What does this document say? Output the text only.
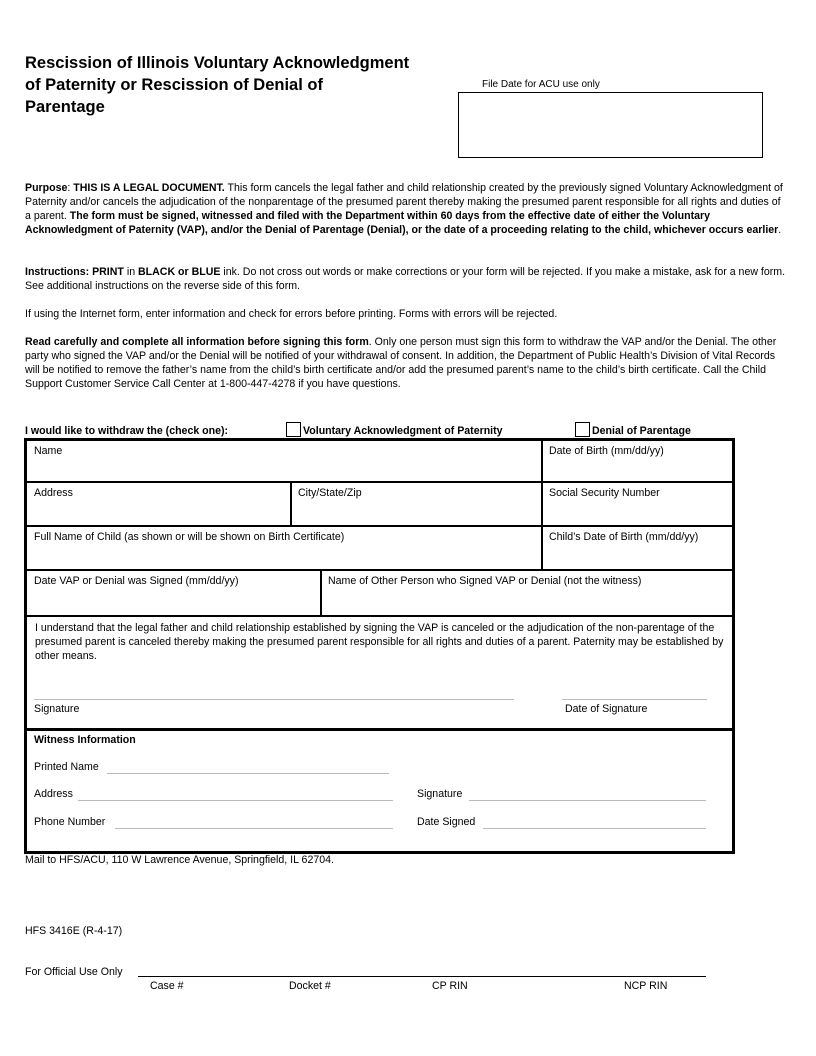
Rescission of Illinois Voluntary Acknowledgment
of Paternity or Rescission of Denial of
Parentage
File Date for ACU use only
Purpose: THIS IS A LEGAL DOCUMENT. This form cancels the legal father and child relationship created by the previously signed Voluntary Acknowledgment of Paternity and/or cancels the adjudication of the nonparentage of the presumed parent thereby making the presumed parent responsible for all rights and duties of a parent. The form must be signed, witnessed and filed with the Department within 60 days from the effective date of either the Voluntary Acknowledgment of Paternity (VAP), and/or the Denial of Parentage (Denial), or the date of a proceeding relating to the child, whichever occurs earlier.
Instructions: PRINT in BLACK or BLUE ink. Do not cross out words or make corrections or your form will be rejected. If you make a mistake, ask for a new form. See additional instructions on the reverse side of this form.
If using the Internet form, enter information and check for errors before printing. Forms with errors will be rejected.
Read carefully and complete all information before signing this form. Only one person must sign this form to withdraw the VAP and/or the Denial. The other party who signed the VAP and/or the Denial will be notified of your withdrawal of consent. In addition, the Department of Public Health’s Division of Vital Records will be notified to remove the father’s name from the child’s birth certificate and/or add the presumed parent’s name to the child’s birth certificate. Call the Child Support Customer Service Call Center at 1-800-447-4278 if you have questions.
I would like to withdraw the (check one):	Voluntary Acknowledgment of Paternity	Denial of Parentage
Name	Date of Birth (mm/dd/yy)
Address	City/State/Zip	Social Security Number
Full Name of Child (as shown or will be shown on Birth Certificate)	Child’s Date of Birth (mm/dd/yy)
Date VAP or Denial was Signed (mm/dd/yy)	Name of Other Person who Signed VAP or Denial (not the witness)
I understand that the legal father and child relationship established by signing the VAP is canceled or the adjudication of the non-parentage of the presumed parent is canceled thereby making the presumed parent responsible for all rights and duties of a parent. Paternity may be established by other means.
Signature	Date of Signature
Witness Information
Printed Name
Address	Signature
Phone Number	Date Signed
Mail to HFS/ACU, 110 W Lawrence Avenue, Springfield, IL 62704.
HFS 3416E (R-4-17)
For Official Use Only
Case #	Docket #	CP RIN	NCP RIN
